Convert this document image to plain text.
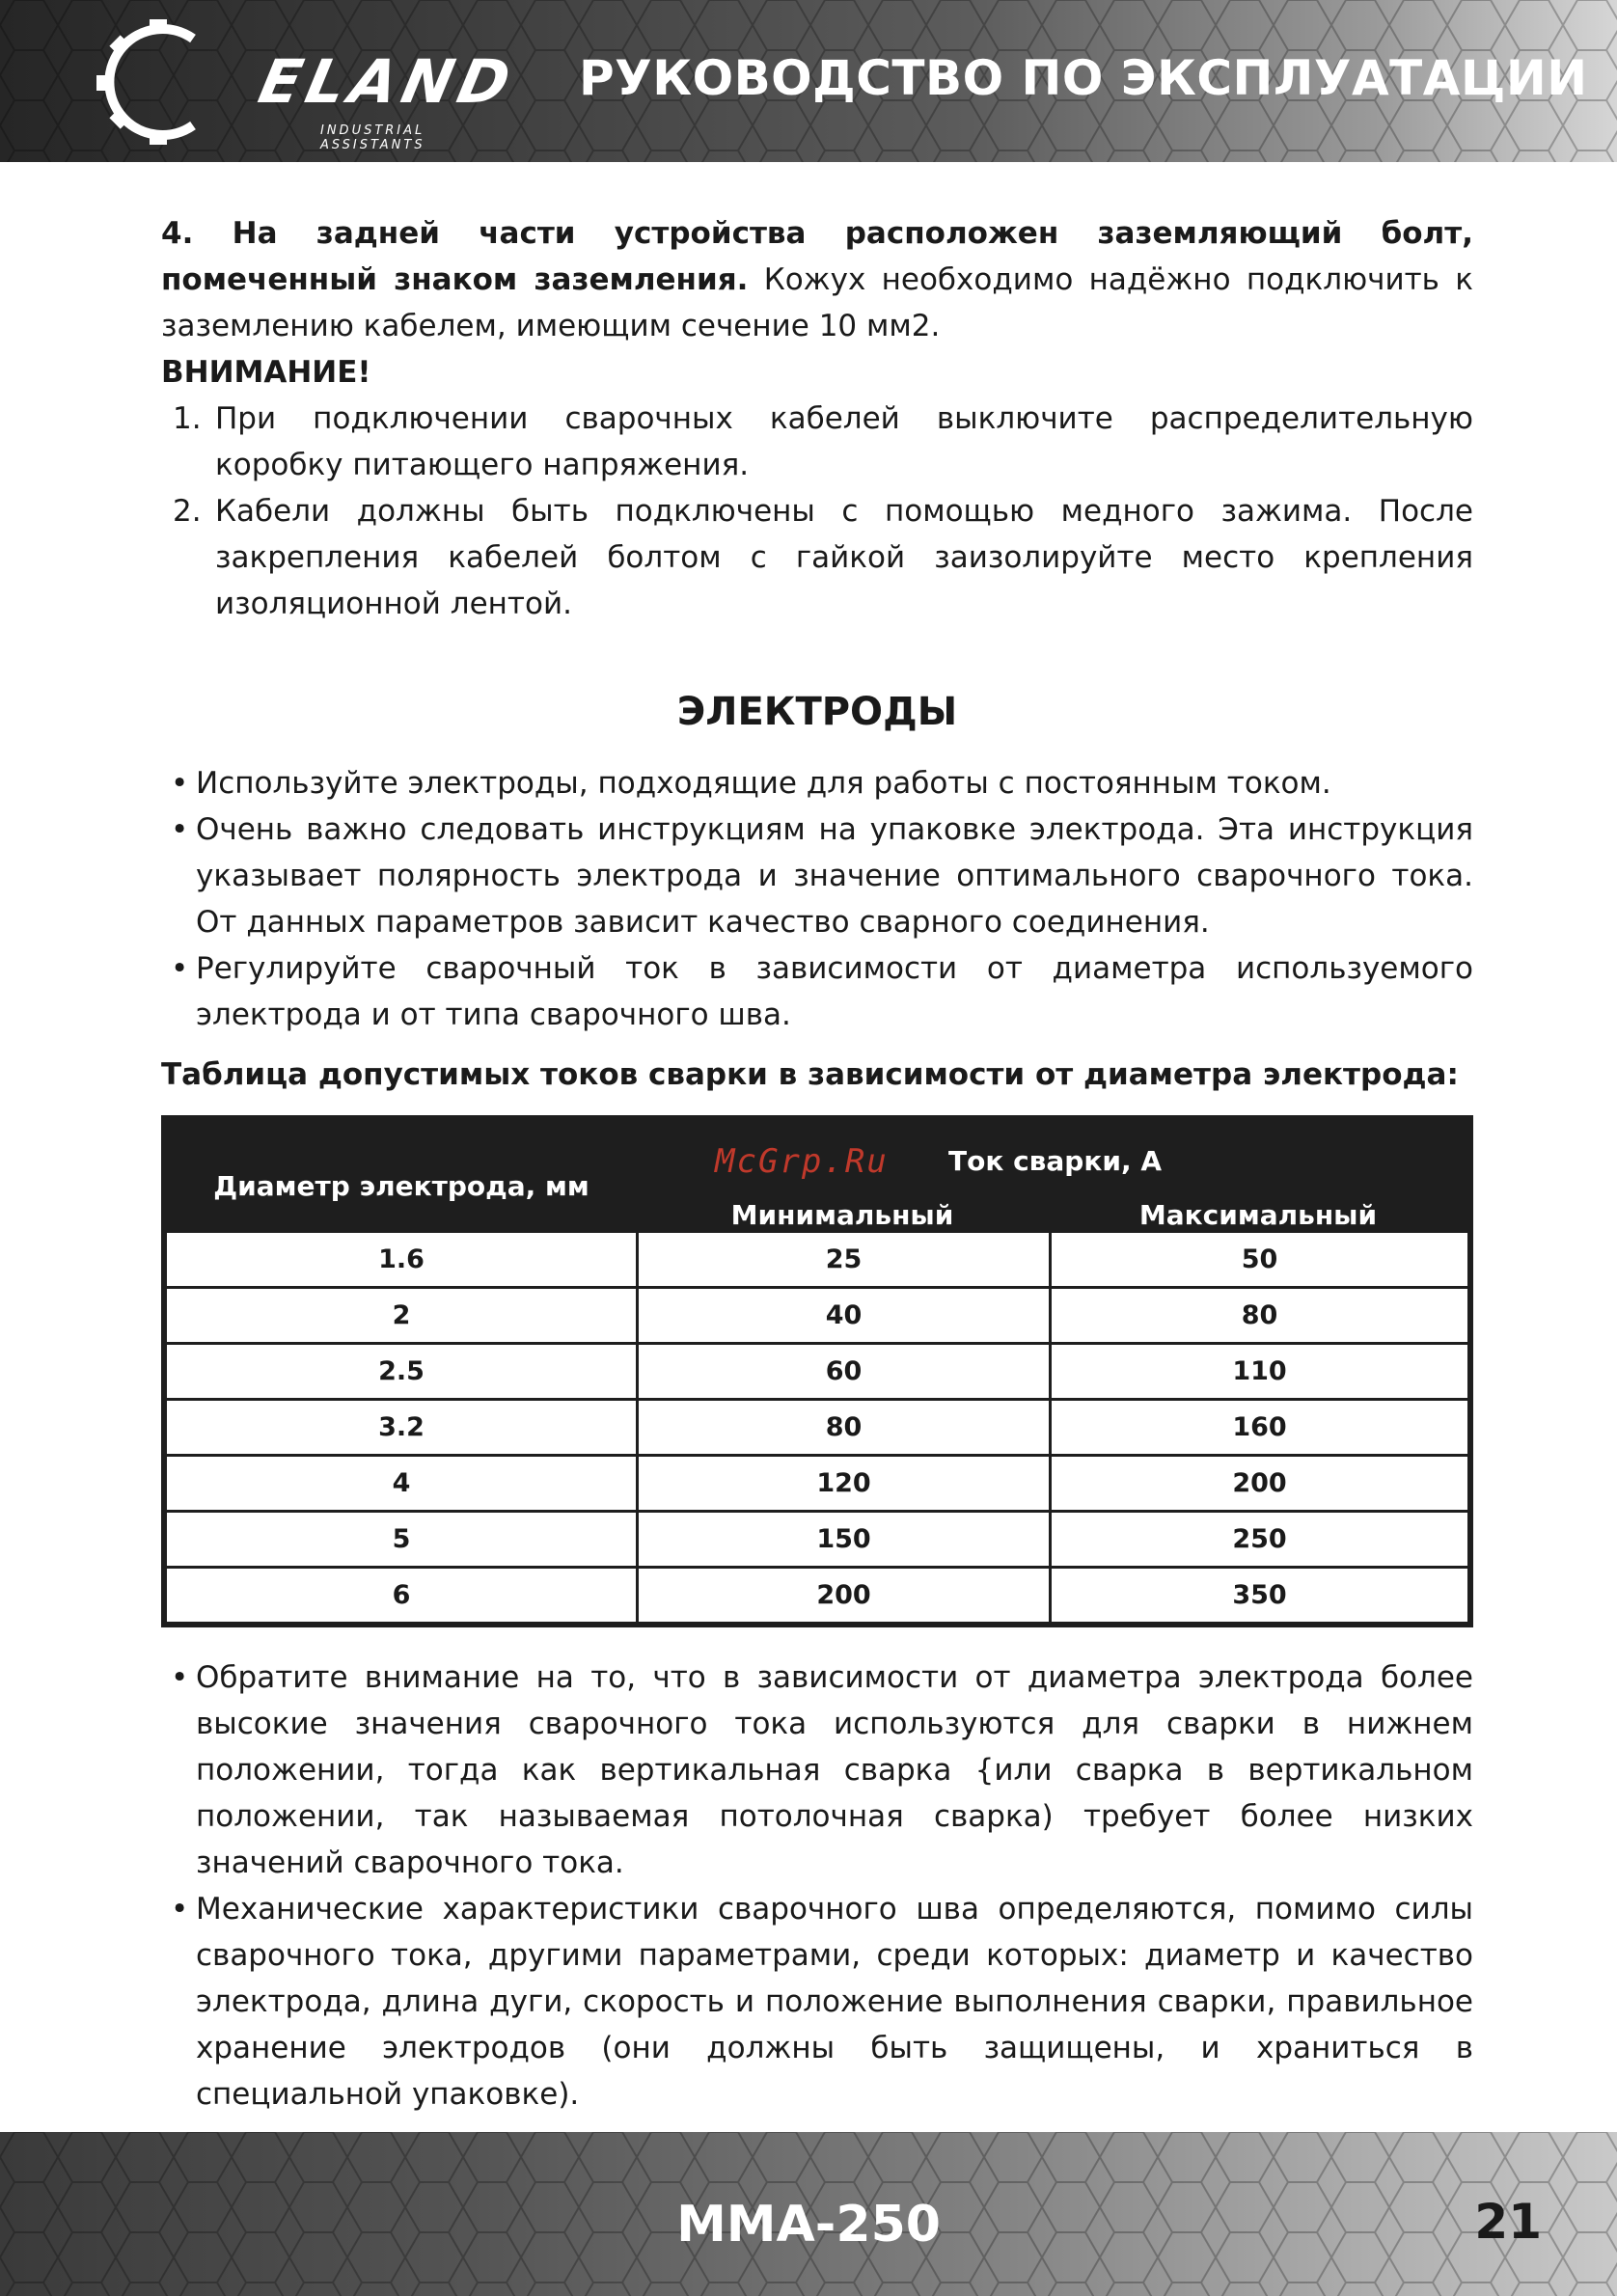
ELAND
INDUSTRIAL ASSISTANTS
РУКОВОДСТВО ПО ЭКСПЛУАТАЦИИ

4. На задней части устройства расположен заземляющий болт, помеченный знаком заземления. Кожух необходимо надёжно подключить к заземлению кабелем, имеющим сечение 10 мм2.

ВНИМАНИЕ!

1. При подключении сварочных кабелей выключите распределительную коробку питающего напряжения.
2. Кабели должны быть подключены с помощью медного зажима. После закрепления кабелей болтом с гайкой заизолируйте место крепления изоляционной лентой.
ЭЛЕКТРОДЫ
• Используйте электроды, подходящие для работы с постоянным током.
• Очень важно следовать инструкциям на упаковке электрода. Эта инструкция указывает полярность электрода и значение оптимального сварочного тока. От данных параметров зависит качество сварного соединения.
• Регулируйте сварочный ток в зависимости от диаметра используемого электрода и от типа сварочного шва.
Таблица допустимых токов сварки в зависимости от диаметра электрода:
Диаметр электрода, мм
McGrp.Ru Ток сварки, А
Минимальный	Максимальный
1.6	25	50
2	40	80
2.5	60	110
3.2	80	160
4	120	200
5	150	250
6	200	350
• Обратите внимание на то, что в зависимости от диаметра электрода более высокие значения сварочного тока используются для сварки в нижнем положении, тогда как вертикальная сварка {или сварка в вертикальном положении, так называемая потолочная сварка) требует более низких значений сварочного тока.
• Механические характеристики сварочного шва определяются, помимо силы сварочного тока, другими параметрами, среди которых: диаметр и качество электрода, длина дуги, скорость и положение выполнения сварки, правильное хранение электродов (они должны быть защищены, и храниться в специальной упаковке).
MMA-250	21
